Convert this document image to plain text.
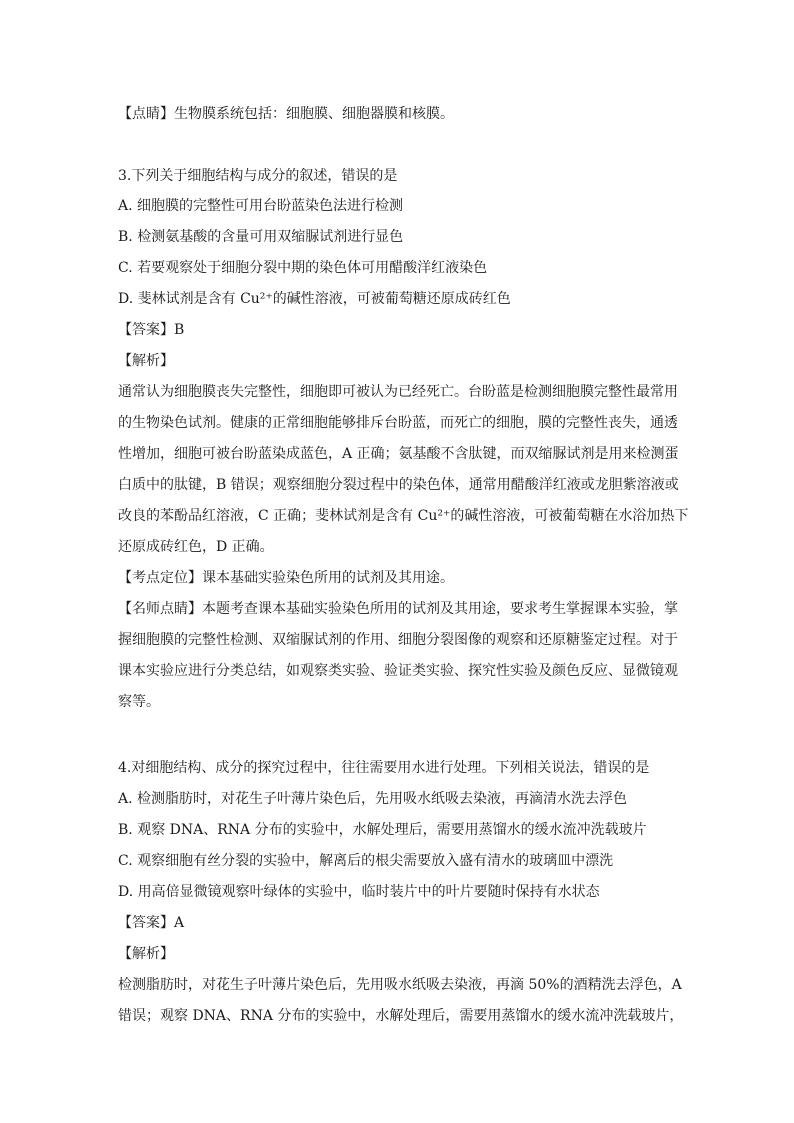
【点睛】生物膜系统包括：细胞膜、细胞器膜和核膜。
3.下列关于细胞结构与成分的叙述，错误的是
A. 细胞膜的完整性可用台盼蓝染色法进行检测
B. 检测氨基酸的含量可用双缩脲试剂进行显色
C. 若要观察处于细胞分裂中期的染色体可用醋酸洋红液染色
D. 斐林试剂是含有 Cu²⁺的碱性溶液，可被葡萄糖还原成砖红色
【答案】B
【解析】
通常认为细胞膜丧失完整性，细胞即可被认为已经死亡。台盼蓝是检测细胞膜完整性最常用
的生物染色试剂。健康的正常细胞能够排斥台盼蓝，而死亡的细胞，膜的完整性丧失，通透
性增加，细胞可被台盼蓝染成蓝色，A 正确；氨基酸不含肽键，而双缩脲试剂是用来检测蛋
白质中的肽键，B 错误；观察细胞分裂过程中的染色体，通常用醋酸洋红液或龙胆紫溶液或
改良的苯酚品红溶液，C 正确；斐林试剂是含有 Cu²⁺的碱性溶液，可被葡萄糖在水浴加热下
还原成砖红色，D 正确。
【考点定位】课本基础实验染色所用的试剂及其用途。
【名师点睛】本题考查课本基础实验染色所用的试剂及其用途，要求考生掌握课本实验，掌
握细胞膜的完整性检测、双缩脲试剂的作用、细胞分裂图像的观察和还原糖鉴定过程。对于
课本实验应进行分类总结，如观察类实验、验证类实验、探究性实验及颜色反应、显微镜观
察等。
4.对细胞结构、成分的探究过程中，往往需要用水进行处理。下列相关说法，错误的是
A. 检测脂肪时，对花生子叶薄片染色后，先用吸水纸吸去染液，再滴清水洗去浮色
B. 观察 DNA、RNA 分布的实验中，水解处理后，需要用蒸馏水的缓水流冲洗载玻片
C. 观察细胞有丝分裂的实验中，解离后的根尖需要放入盛有清水的玻璃皿中漂洗
D. 用高倍显微镜观察叶绿体的实验中，临时装片中的叶片要随时保持有水状态
【答案】A
【解析】
检测脂肪时，对花生子叶薄片染色后，先用吸水纸吸去染液，再滴 50%的酒精洗去浮色，A
错误；观察 DNA、RNA 分布的实验中，水解处理后，需要用蒸馏水的缓水流冲洗载玻片，
